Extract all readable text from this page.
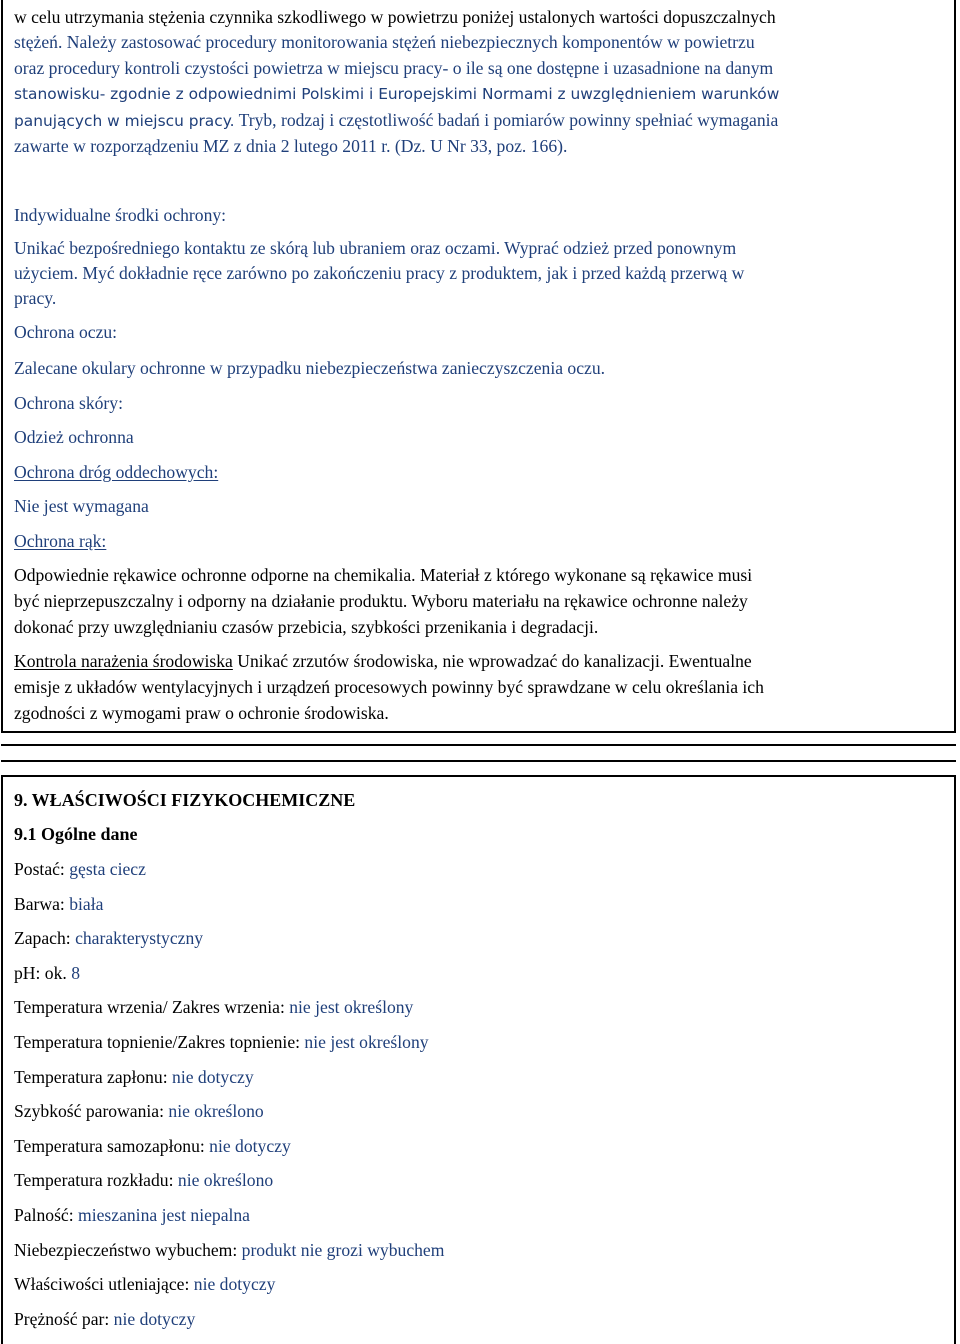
w celu utrzymania stężenia czynnika szkodliwego w powietrzu poniżej ustalonych wartości dopuszczalnych

stężeń. Należy zastosować procedury monitorowania stężeń niebezpiecznych komponentów w powietrzu

oraz procedury kontroli czystości powietrza w miejscu pracy- o ile są one dostępne i uzasadnione na danym

stanowisku- zgodnie z odpowiednimi Polskimi i Europejskimi Normami z uwzględnieniem warunków

panujących w miejscu pracy. Tryb, rodzaj i częstotliwość badań i pomiarów powinny spełniać wymagania

zawarte w rozporządzeniu MZ z dnia 2 lutego 2011 r. (Dz. U Nr 33, poz. 166).

Indywidualne środki ochrony:

Unikać bezpośredniego kontaktu ze skórą lub ubraniem oraz oczami. Wyprać odzież przed ponownym

użyciem. Myć dokładnie ręce zarówno po zakończeniu pracy z produktem, jak i przed każdą przerwą w

pracy.

Ochrona oczu:

Zalecane okulary ochronne w przypadku niebezpieczeństwa zanieczyszczenia oczu.

Ochrona skóry:

Odzież ochronna

Ochrona dróg oddechowych:

Nie jest wymagana

Ochrona rąk:

Odpowiednie rękawice ochronne odporne na chemikalia. Materiał z którego wykonane są rękawice musi

być nieprzepuszczalny i odporny na działanie produktu. Wyboru materiału na rękawice ochronne należy

dokonać przy uwzględnianiu czasów przebicia, szybkości przenikania i degradacji.

Kontrola narażenia środowiska Unikać zrzutów środowiska, nie wprowadzać do kanalizacji. Ewentualne

emisje z układów wentylacyjnych i urządzeń procesowych powinny być sprawdzane w celu określania ich

zgodności z wymogami praw o ochronie środowiska.

9. WŁAŚCIWOŚCI FIZYKOCHEMICZNE

9.1 Ogólne dane

Postać: gęsta ciecz

Barwa: biała

Zapach: charakterystyczny

pH: ok. 8

Temperatura wrzenia/ Zakres wrzenia: nie jest określony

Temperatura topnienie/Zakres topnienie: nie jest określony

Temperatura zapłonu: nie dotyczy

Szybkość parowania: nie określono

Temperatura samozapłonu: nie dotyczy

Temperatura rozkładu: nie określono

Palność: mieszanina jest niepalna

Niebezpieczeństwo wybuchem: produkt nie grozi wybuchem

Właściwości utleniające: nie dotyczy

Prężność par: nie dotyczy
